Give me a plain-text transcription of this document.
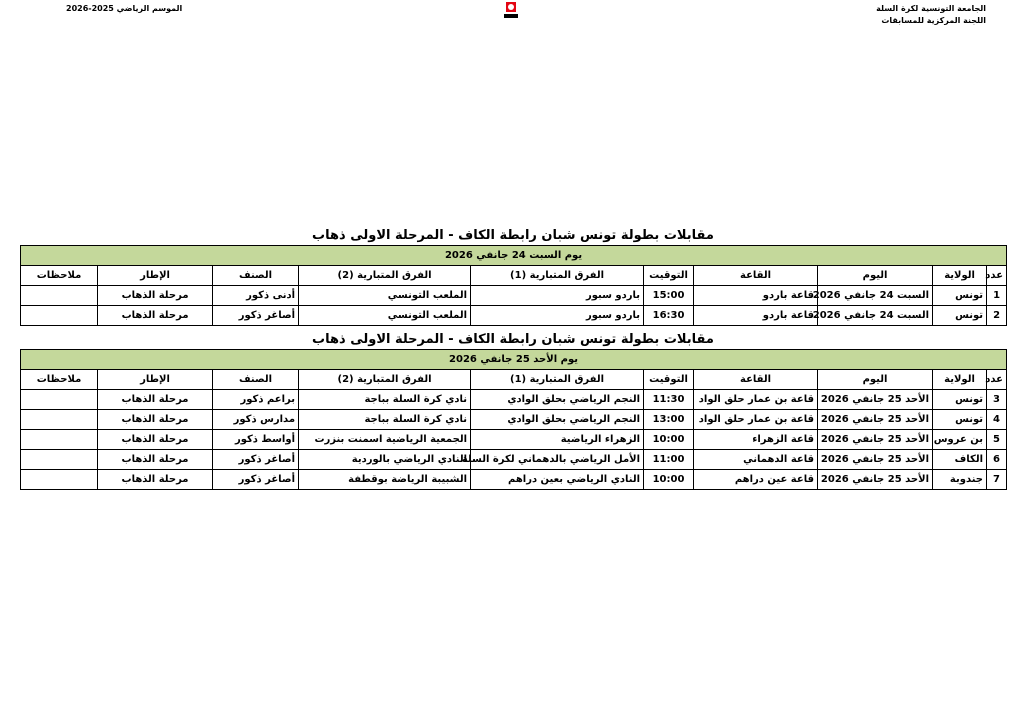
الجامعة التونسية لكرة السلة
اللجنة المركزية للمسابقات
الموسم الرياضي 2025-2026
مقابلات بطولة تونس شبان رابطة الكاف - المرحلة الاولى ذهاب
يوم السبت 24 جانفي 2026									
عدد	الولاية	اليوم	القاعة	التوقيت	الفرق المتبارية (1)	الفرق المتبارية (2)	الصنف	الإطار	ملاحظات
1	تونس	السبت 24 جانفي 2026	قاعة باردو	15:00	باردو سبور	الملعب التونسي	أدنى ذكور	مرحلة الذهاب	
2	تونس	السبت 24 جانفي 2026	قاعة باردو	16:30	باردو سبور	الملعب التونسي	أصاغر ذكور	مرحلة الذهاب	
مقابلات بطولة تونس شبان رابطة الكاف - المرحلة الاولى ذهاب
يوم الأحد 25 جانفي 2026									
عدد	الولاية	اليوم	القاعة	التوقيت	الفرق المتبارية (1)	الفرق المتبارية (2)	الصنف	الإطار	ملاحظات
3	تونس	الأحد 25 جانفي 2026	قاعة بن عمار حلق الواد	11:30	النجم الرياضي بحلق الوادي	نادي كرة السلة بباجة	براعم ذكور	مرحلة الذهاب	
4	تونس	الأحد 25 جانفي 2026	قاعة بن عمار حلق الواد	13:00	النجم الرياضي بحلق الوادي	نادي كرة السلة بباجة	مدارس ذكور	مرحلة الذهاب	
5	بن عروس	الأحد 25 جانفي 2026	قاعة الزهراء	10:00	الزهراء الرياضية	الجمعية الرياضية اسمنت بنزرت	أواسط ذكور	مرحلة الذهاب	
6	الكاف	الأحد 25 جانفي 2026	قاعة الدهماني	11:00	الأمل الرياضي بالدهماني لكرة السلة	النادي الرياضي بالوردية	أصاغر ذكور	مرحلة الذهاب	
7	جندوبة	الأحد 25 جانفي 2026	قاعة عين دراهم	10:00	النادي الرياضي بعين دراهم	الشبيبة الرياضة بوقطفة	أصاغر ذكور	مرحلة الذهاب	
